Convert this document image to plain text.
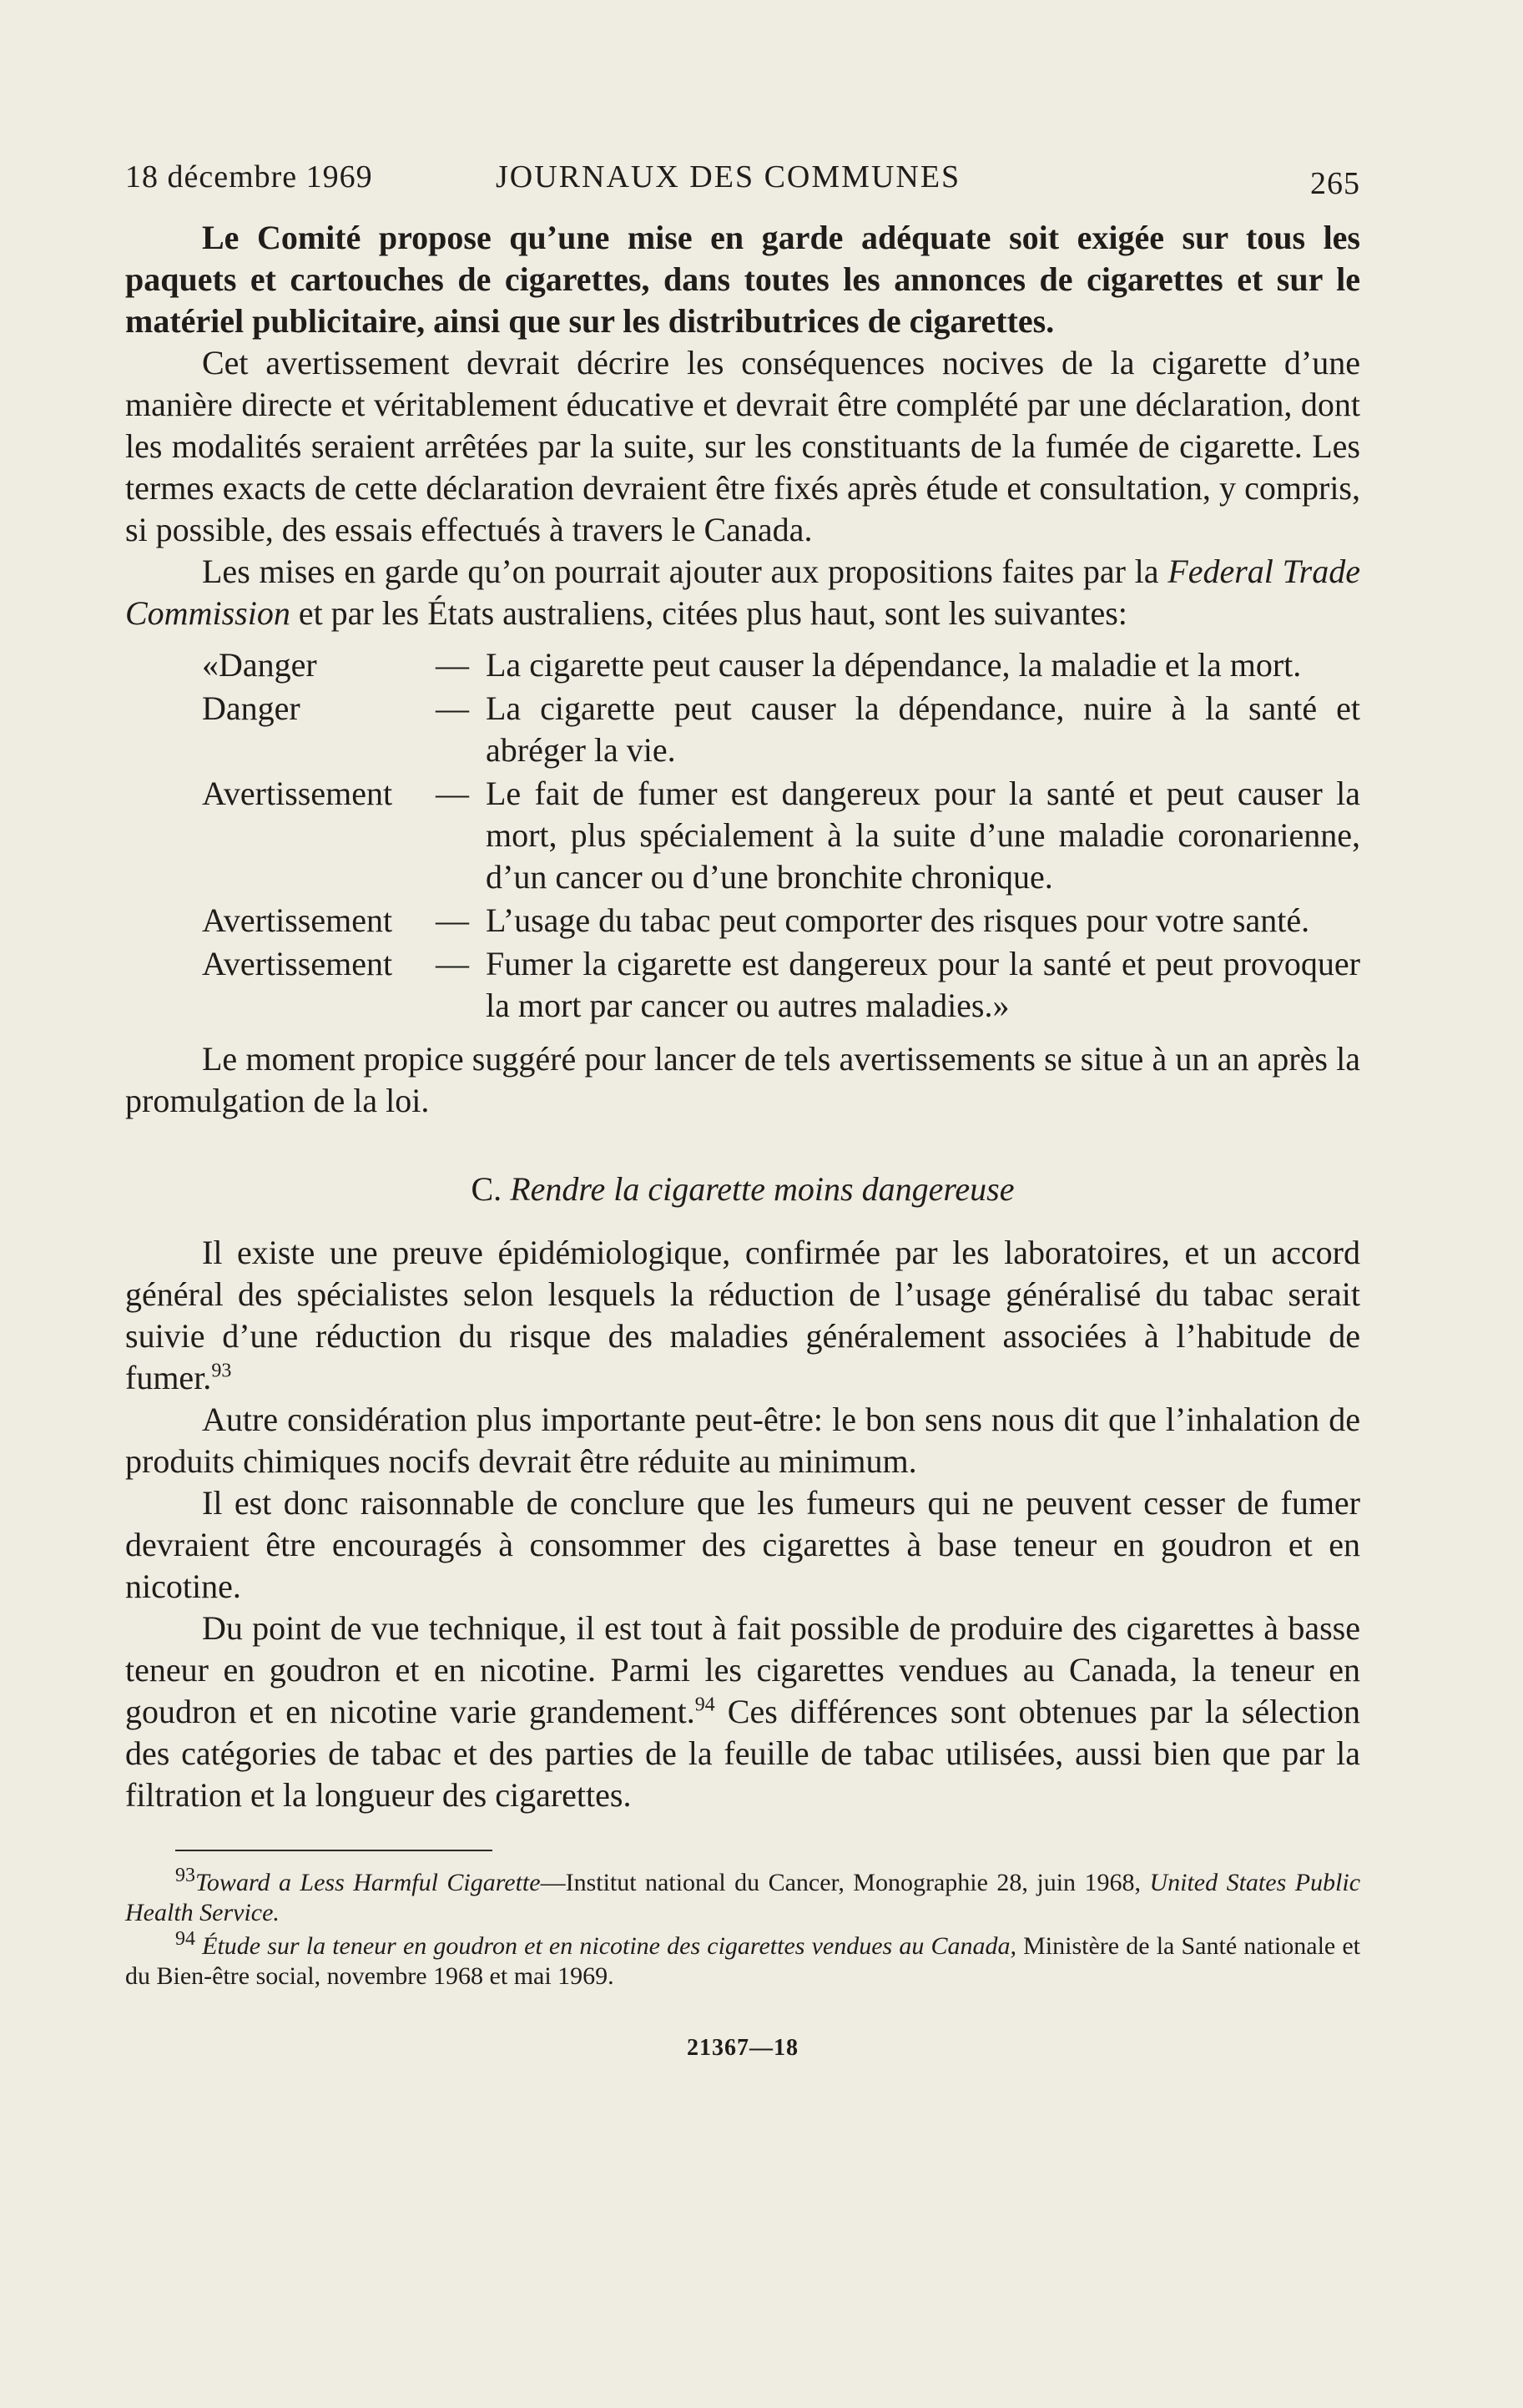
18 décembre 1969	JOURNAUX DES COMMUNES	265

Le Comité propose qu’une mise en garde adéquate soit exigée sur tous les paquets et cartouches de cigarettes, dans toutes les annonces de cigarettes et sur le matériel publicitaire, ainsi que sur les distributrices de cigarettes.

Cet avertissement devrait décrire les conséquences nocives de la cigarette d’une manière directe et véritablement éducative et devrait être complété par une déclaration, dont les modalités seraient arrêtées par la suite, sur les constituants de la fumée de cigarette. Les termes exacts de cette déclaration devraient être fixés après étude et consultation, y compris, si possible, des essais effectués à travers le Canada.

Les mises en garde qu’on pourrait ajouter aux propositions faites par la Federal Trade Commission et par les États australiens, citées plus haut, sont les suivantes:

«Danger	— La cigarette peut causer la dépendance, la maladie et la mort.
Danger	— La cigarette peut causer la dépendance, nuire à la santé et abréger la vie.
Avertissement	— Le fait de fumer est dangereux pour la santé et peut causer la mort, plus spécialement à la suite d’une maladie coronarienne, d’un cancer ou d’une bronchite chronique.
Avertissement	— L’usage du tabac peut comporter des risques pour votre santé.
Avertissement	— Fumer la cigarette est dangereux pour la santé et peut provoquer la mort par cancer ou autres maladies.»

Le moment propice suggéré pour lancer de tels avertissements se situe à un an après la promulgation de la loi.

C. Rendre la cigarette moins dangereuse

Il existe une preuve épidémiologique, confirmée par les laboratoires, et un accord général des spécialistes selon lesquels la réduction de l’usage généralisé du tabac serait suivie d’une réduction du risque des maladies généralement associées à l’habitude de fumer.$^{93}$

Autre considération plus importante peut-être: le bon sens nous dit que l’inhalation de produits chimiques nocifs devrait être réduite au minimum.

Il est donc raisonnable de conclure que les fumeurs qui ne peuvent cesser de fumer devraient être encouragés à consommer des cigarettes à base teneur en goudron et en nicotine.

Du point de vue technique, il est tout à fait possible de produire des cigarettes à basse teneur en goudron et en nicotine. Parmi les cigarettes vendues au Canada, la teneur en goudron et en nicotine varie grandement.$^{94}$ Ces différences sont obtenues par la sélection des catégories de tabac et des parties de la feuille de tabac utilisées, aussi bien que par la filtration et la longueur des cigarettes.

$^{93}$Toward a Less Harmful Cigarette—Institut national du Cancer, Monographie 28, juin 1968, United States Public Health Service.

$^{94}$ Étude sur la teneur en goudron et en nicotine des cigarettes vendues au Canada, Ministère de la Santé nationale et du Bien-être social, novembre 1968 et mai 1969.

21367—18
